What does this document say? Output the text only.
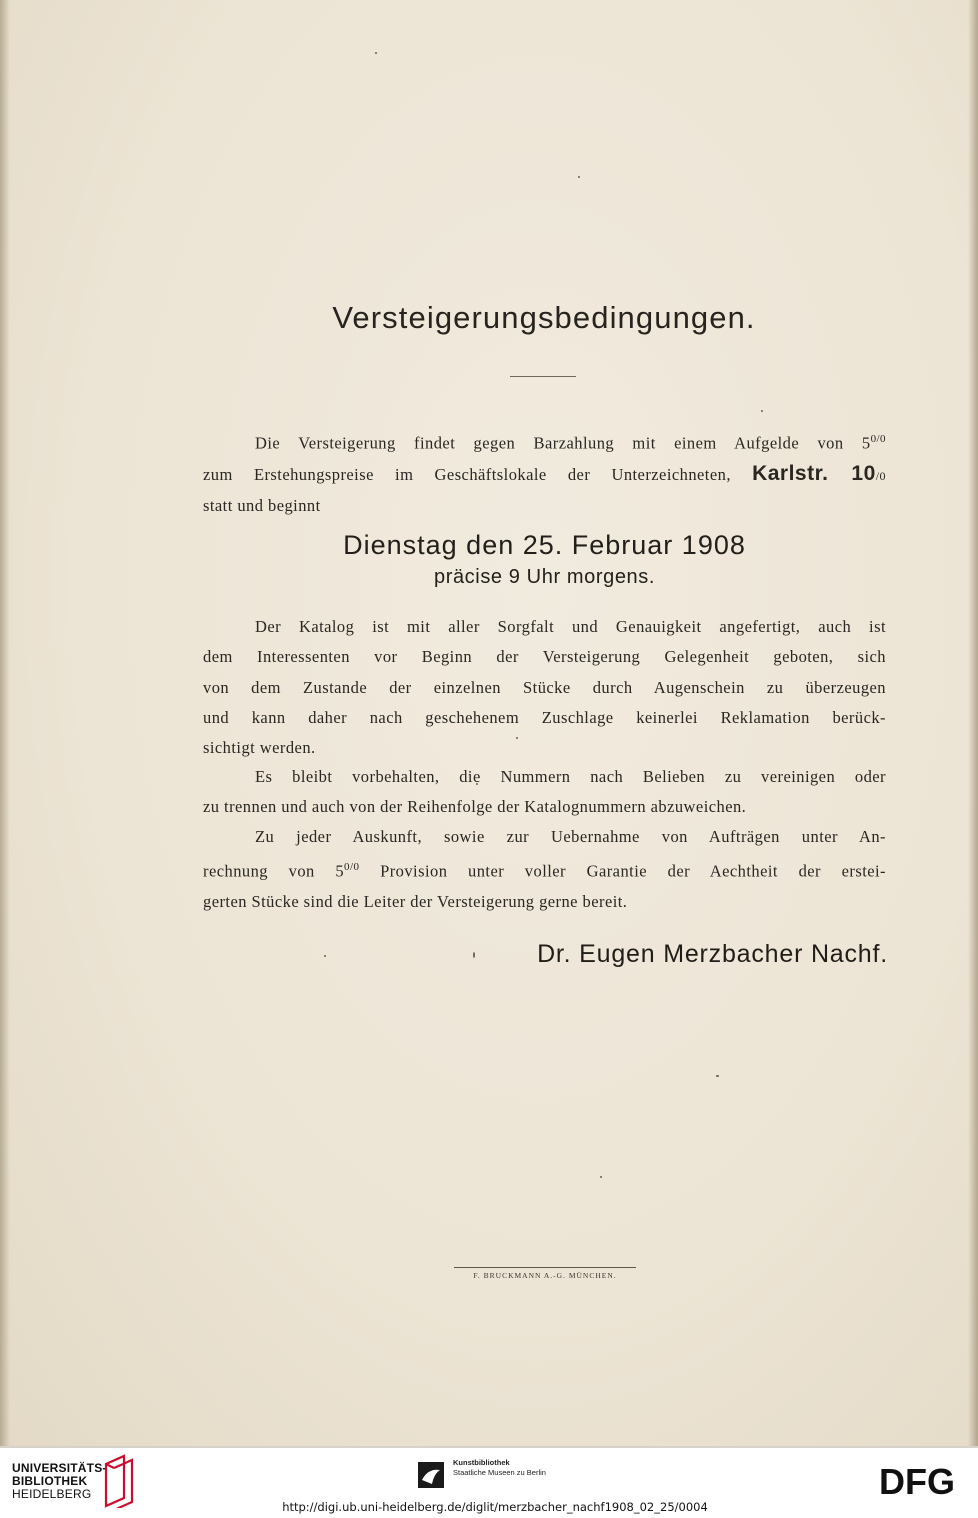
Versteigerungsbedingungen.
Die Versteigerung findet gegen Barzahlung mit einem Aufgelde von $5^{0/0}$
zum Erstehungspreise im Geschäftslokale der Unterzeichneten, Karlstr. 10/0
statt und beginnt
Dienstag den 25. Februar 1908
präcise 9 Uhr morgens.
Der Katalog ist mit aller Sorgfalt und Genauigkeit angefertigt, auch ist
dem Interessenten vor Beginn der Versteigerung Gelegenheit geboten, sich
von dem Zustande der einzelnen Stücke durch Augenschein zu überzeugen
und kann daher nach geschehenem Zuschlage keinerlei Reklamation berück-
sichtigt werden.
Es bleibt vorbehalten, die Nummern nach Belieben zu vereinigen oder
zu trennen und auch von der Reihenfolge der Katalognummern abzuweichen.
Zu jeder Auskunft, sowie zur Uebernahme von Aufträgen unter An-
rechnung von $5^{0/0}$ Provision unter voller Garantie der Aechtheit der erstei-
gerten Stücke sind die Leiter der Versteigerung gerne bereit.
Dr. Eugen Merzbacher Nachf.
F. BRUCKMANN A.-G. MÜNCHEN.
UNIVERSITÄTS-
BIBLIOTHEK
HEIDELBERG
Kunstbibliothek
Staatliche Museen zu Berlin	DFG
http://digi.ub.uni-heidelberg.de/diglit/merzbacher_nachf1908_02_25/0004
